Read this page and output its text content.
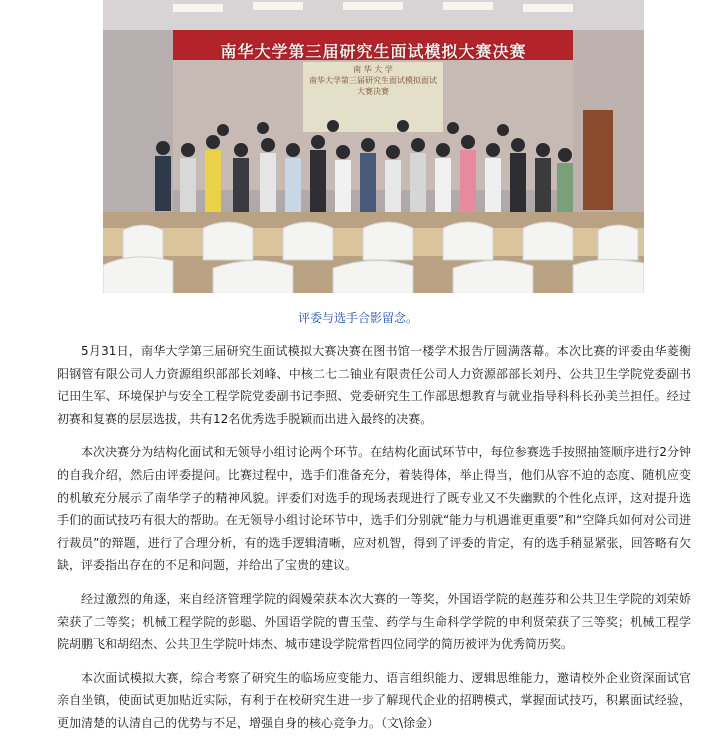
南华大学第三届研究生面试模拟大赛决赛
南 华 大 学
南华大学第三届研究生面试模拟面试
大赛决赛
评委与选手合影留念。

5月31日，南华大学第三届研究生面试模拟大赛决赛在图书馆一楼学术报告厅圆满落幕。本次比赛的评委由华菱衡阳钢管有限公司人力资源组织部部长刘峰、中核二七二铀业有限责任公司人力资源部部长刘丹、公共卫生学院党委副书记田生军、环境保护与安全工程学院党委副书记李照、党委研究生工作部思想教育与就业指导科科长孙美兰担任。经过初赛和复赛的层层选拔，共有12名优秀选手脱颖而出进入最终的决赛。

本次决赛分为结构化面试和无领导小组讨论两个环节。在结构化面试环节中，每位参赛选手按照抽签顺序进行2分钟的自我介绍，然后由评委提问。比赛过程中，选手们准备充分，着装得体，举止得当，他们从容不迫的态度、随机应变的机敏充分展示了南华学子的精神风貌。评委们对选手的现场表现进行了既专业又不失幽默的个性化点评，这对提升选手们的面试技巧有很大的帮助。在无领导小组讨论环节中，选手们分别就“能力与机遇谁更重要”和“空降兵如何对公司进行裁员”的辩题，进行了合理分析，有的选手逻辑清晰，应对机智，得到了评委的肯定，有的选手稍显紧张，回答略有欠缺，评委指出存在的不足和问题，并给出了宝贵的建议。

经过激烈的角逐，来自经济管理学院的阎嫚荣获本次大赛的一等奖，外国语学院的赵莲芬和公共卫生学院的刘荣娇荣获了二等奖；机械工程学院的彭聪、外国语学院的曹玉莹、药学与生命科学学院的申利贤荣获了三等奖；机械工程学院胡鹏飞和胡绍杰、公共卫生学院叶炜杰、城市建设学院常哲四位同学的简历被评为优秀简历奖。

本次面试模拟大赛，综合考察了研究生的临场应变能力、语言组织能力、逻辑思维能力，邀请校外企业资深面试官亲自坐镇，使面试更加贴近实际，有利于在校研究生进一步了解现代企业的招聘模式，掌握面试技巧，积累面试经验，更加清楚的认清自己的优势与不足，增强自身的核心竞争力。（文\徐金）
